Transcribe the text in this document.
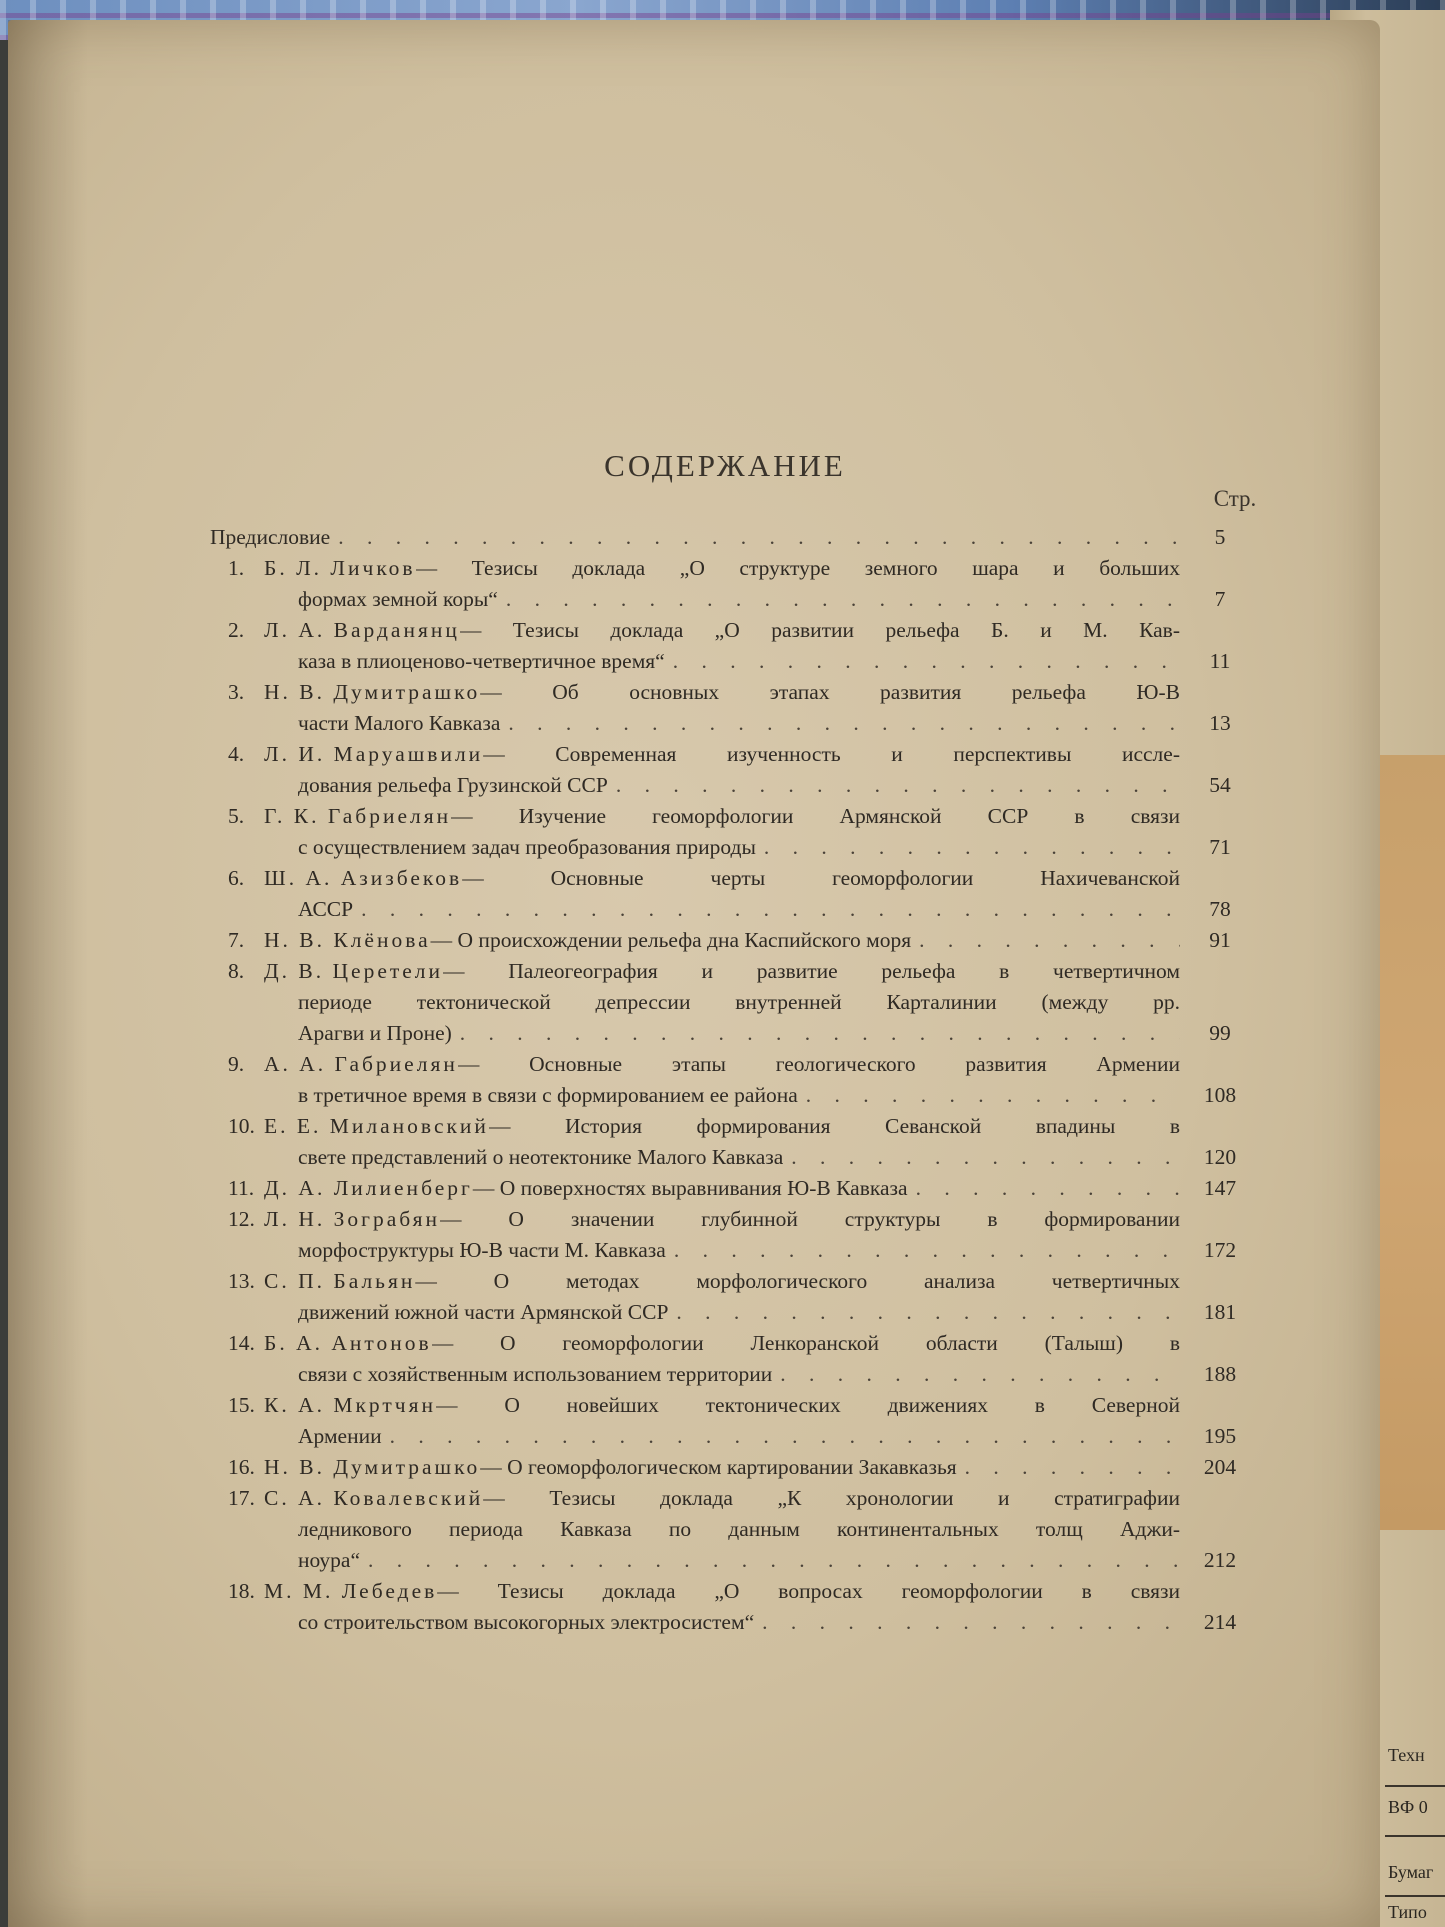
СОДЕРЖАНИЕ
Стр.
Предисловие . . .	5
1. Б. Л. Личков — Тезисы доклада „О структуре земного шара и больших
формах земной коры“ . . .	7
2. Л. А. Варданянц — Тезисы доклада „О развитии рельефа Б. и М. Кав-
каза в плиоценово-четвертичное время“ . . .	11
3. Н. В. Думитрашко — Об основных этапах развития рельефа Ю-В
части Малого Кавказа . . .	13
4. Л. И. Маруашвили — Современная изученность и перспективы иссле-
дования рельефа Грузинской ССР . . .	54
5. Г. К. Габриелян — Изучение геоморфологии Армянской ССР в связи
с осуществлением задач преобразования природы . . .	71
6. Ш. А. Азизбеков — Основные черты геоморфологии Нахичеванской
АССР . . .	78
7. Н. В. Клёнова — О происхождении рельефа дна Каспийского моря . . .	91
8. Д. В. Церетели — Палеогеография и развитие рельефа в четвертичном
периоде тектонической депрессии внутренней Карталинии (между рр.
Арагви и Проне) . . .	99
9. А. А. Габриелян — Основные этапы геологического развития Армении
в третичное время в связи с формированием ее района . . .	108
10. Е. Е. Милановский — История формирования Севанской впадины в
свете представлений о неотектонике Малого Кавказа . . .	120
11. Д. А. Лилиенберг — О поверхностях выравнивания Ю-В Кавказа . . .	147
12. Л. Н. Зограбян — О значении глубинной структуры в формировании
морфоструктуры Ю-В части М. Кавказа . . .	172
13. С. П. Бальян — О методах морфологического анализа четвертичных
движений южной части Армянской ССР . . .	181
14. Б. А. Антонов — О геоморфологии Ленкоранской области (Талыш) в
связи с хозяйственным использованием территории . . .	188
15. К. А. Мкртчян — О новейших тектонических движениях в Северной
Армении . . .	195
16. Н. В. Думитрашко — О геоморфологическом картировании Закавказья . . .	204
17. С. А. Ковалевский — Тезисы доклада „К хронологии и стратиграфии
ледникового периода Кавказа по данным континентальных толщ Аджи-
ноура“ . . .	212
18. М. М. Лебедев — Тезисы доклада „О вопросах геоморфологии в связи
со строительством высокогорных электросистем“ . . .	214
Техн
ВФ 0
Бумаг
Типо
